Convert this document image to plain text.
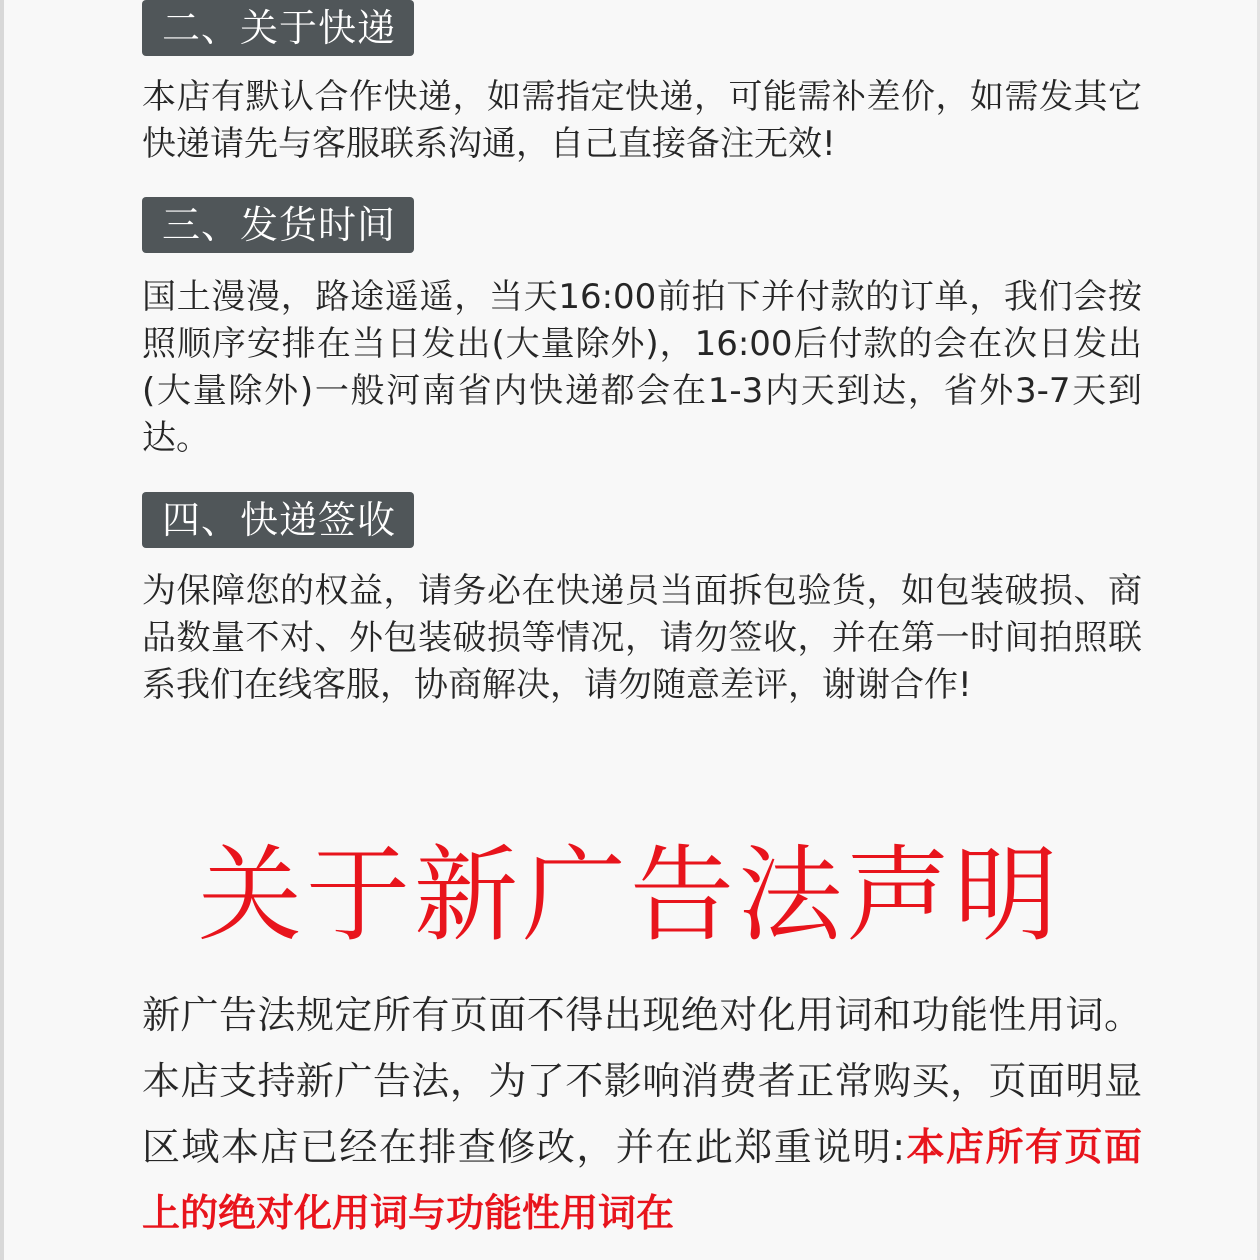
二、关于快递

本店有默认合作快递，如需指定快递，可能需补差价，如需发其它快递请先与客服联系沟通，自己直接备注无效!

三、发货时间

国土漫漫，路途遥遥，当天16:00前拍下并付款的订单，我们会按照顺序安排在当日发出(大量除外)，16:00后付款的会在次日发出(大量除外)一般河南省内快递都会在1-3内天到达，省外3-7天到达。

四、快递签收

为保障您的权益，请务必在快递员当面拆包验货，如包装破损、商品数量不对、外包装破损等情况，请勿签收，并在第一时间拍照联系我们在线客服，协商解决，请勿随意差评，谢谢合作!

关于新广告法声明

新广告法规定所有页面不得出现绝对化用词和功能性用词。本店支持新广告法，为了不影响消费者正常购买，页面明显区域本店已经在排查修改，并在此郑重说明:本店所有页面上的绝对化用词与功能性用词在
